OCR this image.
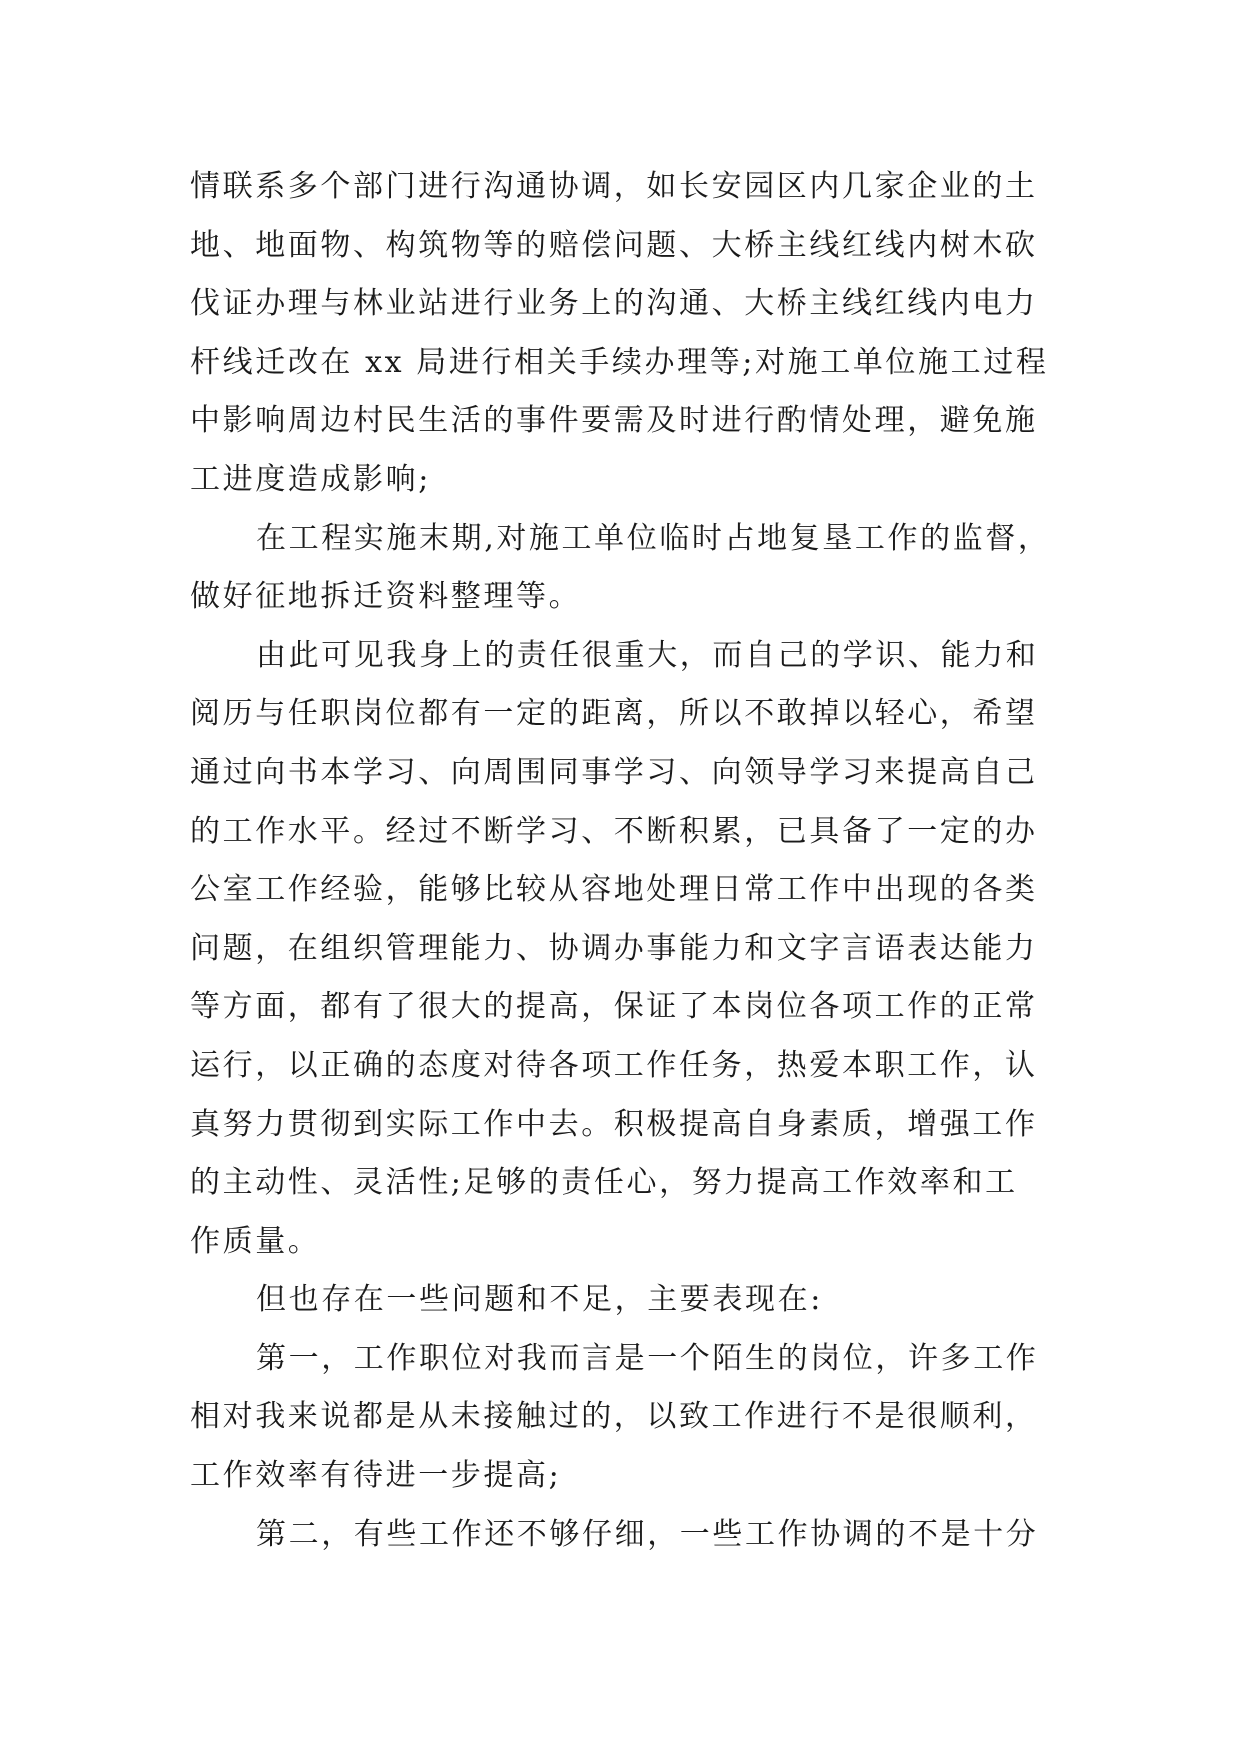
情联系多个部门进行沟通协调，如长安园区内几家企业的土
地、地面物、构筑物等的赔偿问题、大桥主线红线内树木砍
伐证办理与林业站进行业务上的沟通、大桥主线红线内电力
杆线迁改在 xx 局进行相关手续办理等;对施工单位施工过程
中影响周边村民生活的事件要需及时进行酌情处理，避免施
工进度造成影响;
在工程实施末期,对施工单位临时占地复垦工作的监督，
做好征地拆迁资料整理等。
由此可见我身上的责任很重大，而自己的学识、能力和
阅历与任职岗位都有一定的距离，所以不敢掉以轻心，希望
通过向书本学习、向周围同事学习、向领导学习来提高自己
的工作水平。经过不断学习、不断积累，已具备了一定的办
公室工作经验，能够比较从容地处理日常工作中出现的各类
问题，在组织管理能力、协调办事能力和文字言语表达能力
等方面，都有了很大的提高，保证了本岗位各项工作的正常
运行，以正确的态度对待各项工作任务，热爱本职工作，认
真努力贯彻到实际工作中去。积极提高自身素质，增强工作
的主动性、灵活性;足够的责任心，努力提高工作效率和工
作质量。
但也存在一些问题和不足，主要表现在:
第一，工作职位对我而言是一个陌生的岗位，许多工作
相对我来说都是从未接触过的，以致工作进行不是很顺利，
工作效率有待进一步提高;
第二，有些工作还不够仔细，一些工作协调的不是十分
